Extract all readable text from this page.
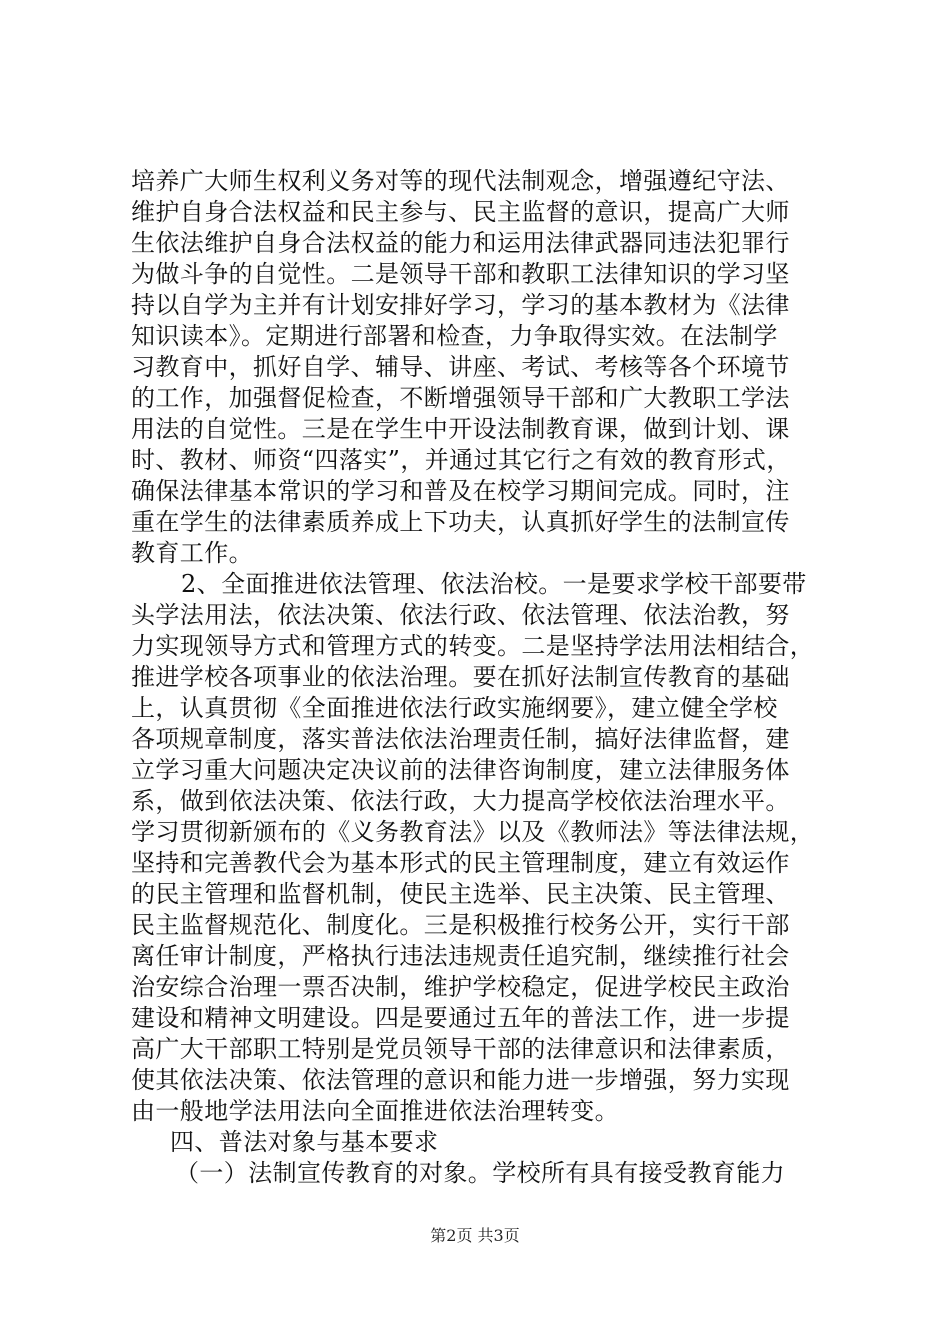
培养广大师生权利义务对等的现代法制观念，增强遵纪守法、
维护自身合法权益和民主参与、民主监督的意识，提高广大师
生依法维护自身合法权益的能力和运用法律武器同违法犯罪行
为做斗争的自觉性。二是领导干部和教职工法律知识的学习坚
持以自学为主并有计划安排好学习，学习的基本教材为《法律
知识读本》。定期进行部署和检查，力争取得实效。在法制学
习教育中，抓好自学、辅导、讲座、考试、考核等各个环境节
的工作，加强督促检查，不断增强领导干部和广大教职工学法
用法的自觉性。三是在学生中开设法制教育课，做到计划、课
时、教材、师资“四落实”，并通过其它行之有效的教育形式，
确保法律基本常识的学习和普及在校学习期间完成。同时，注
重在学生的法律素质养成上下功夫，认真抓好学生的法制宣传
教育工作。
2、全面推进依法管理、依法治校。一是要求学校干部要带
头学法用法，依法决策、依法行政、依法管理、依法治教，努
力实现领导方式和管理方式的转变。二是坚持学法用法相结合，
推进学校各项事业的依法治理。要在抓好法制宣传教育的基础
上，认真贯彻《全面推进依法行政实施纲要》，建立健全学校
各项规章制度，落实普法依法治理责任制，搞好法律监督，建
立学习重大问题决定决议前的法律咨询制度，建立法律服务体
系，做到依法决策、依法行政，大力提高学校依法治理水平。
学习贯彻新颁布的《义务教育法》以及《教师法》等法律法规，
坚持和完善教代会为基本形式的民主管理制度，建立有效运作
的民主管理和监督机制，使民主选举、民主决策、民主管理、
民主监督规范化、制度化。三是积极推行校务公开，实行干部
离任审计制度，严格执行违法违规责任追究制，继续推行社会
治安综合治理一票否决制，维护学校稳定，促进学校民主政治
建设和精神文明建设。四是要通过五年的普法工作，进一步提
高广大干部职工特别是党员领导干部的法律意识和法律素质，
使其依法决策、依法管理的意识和能力进一步增强，努力实现
由一般地学法用法向全面推进依法治理转变。
四、普法对象与基本要求
（一）法制宣传教育的对象。学校所有具有接受教育能力
第2页 共3页
